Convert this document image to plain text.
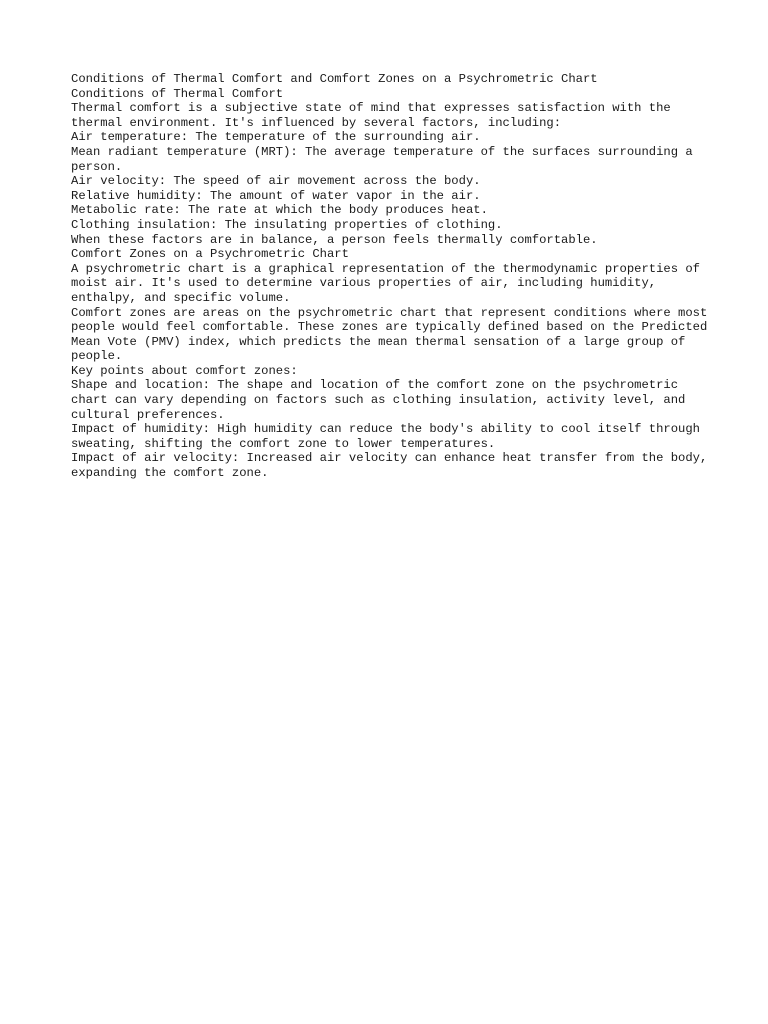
Conditions of Thermal Comfort and Comfort Zones on a Psychrometric Chart

Conditions of Thermal Comfort

Thermal comfort is a subjective state of mind that expresses satisfaction with the thermal environment. It's influenced by several factors, including:

Air temperature: The temperature of the surrounding air.

Mean radiant temperature (MRT): The average temperature of the surfaces surrounding a person.

Air velocity: The speed of air movement across the body.

Relative humidity: The amount of water vapor in the air.

Metabolic rate: The rate at which the body produces heat.

Clothing insulation: The insulating properties of clothing.

When these factors are in balance, a person feels thermally comfortable.

Comfort Zones on a Psychrometric Chart

A psychrometric chart is a graphical representation of the thermodynamic properties of moist air. It's used to determine various properties of air, including humidity, enthalpy, and specific volume.

Comfort zones are areas on the psychrometric chart that represent conditions where most people would feel comfortable. These zones are typically defined based on the Predicted Mean Vote (PMV) index, which predicts the mean thermal sensation of a large group of people.

Key points about comfort zones:

Shape and location: The shape and location of the comfort zone on the psychrometric chart can vary depending on factors such as clothing insulation, activity level, and cultural preferences.

Impact of humidity: High humidity can reduce the body's ability to cool itself through sweating, shifting the comfort zone to lower temperatures.

Impact of air velocity: Increased air velocity can enhance heat transfer from the body, expanding the comfort zone.
